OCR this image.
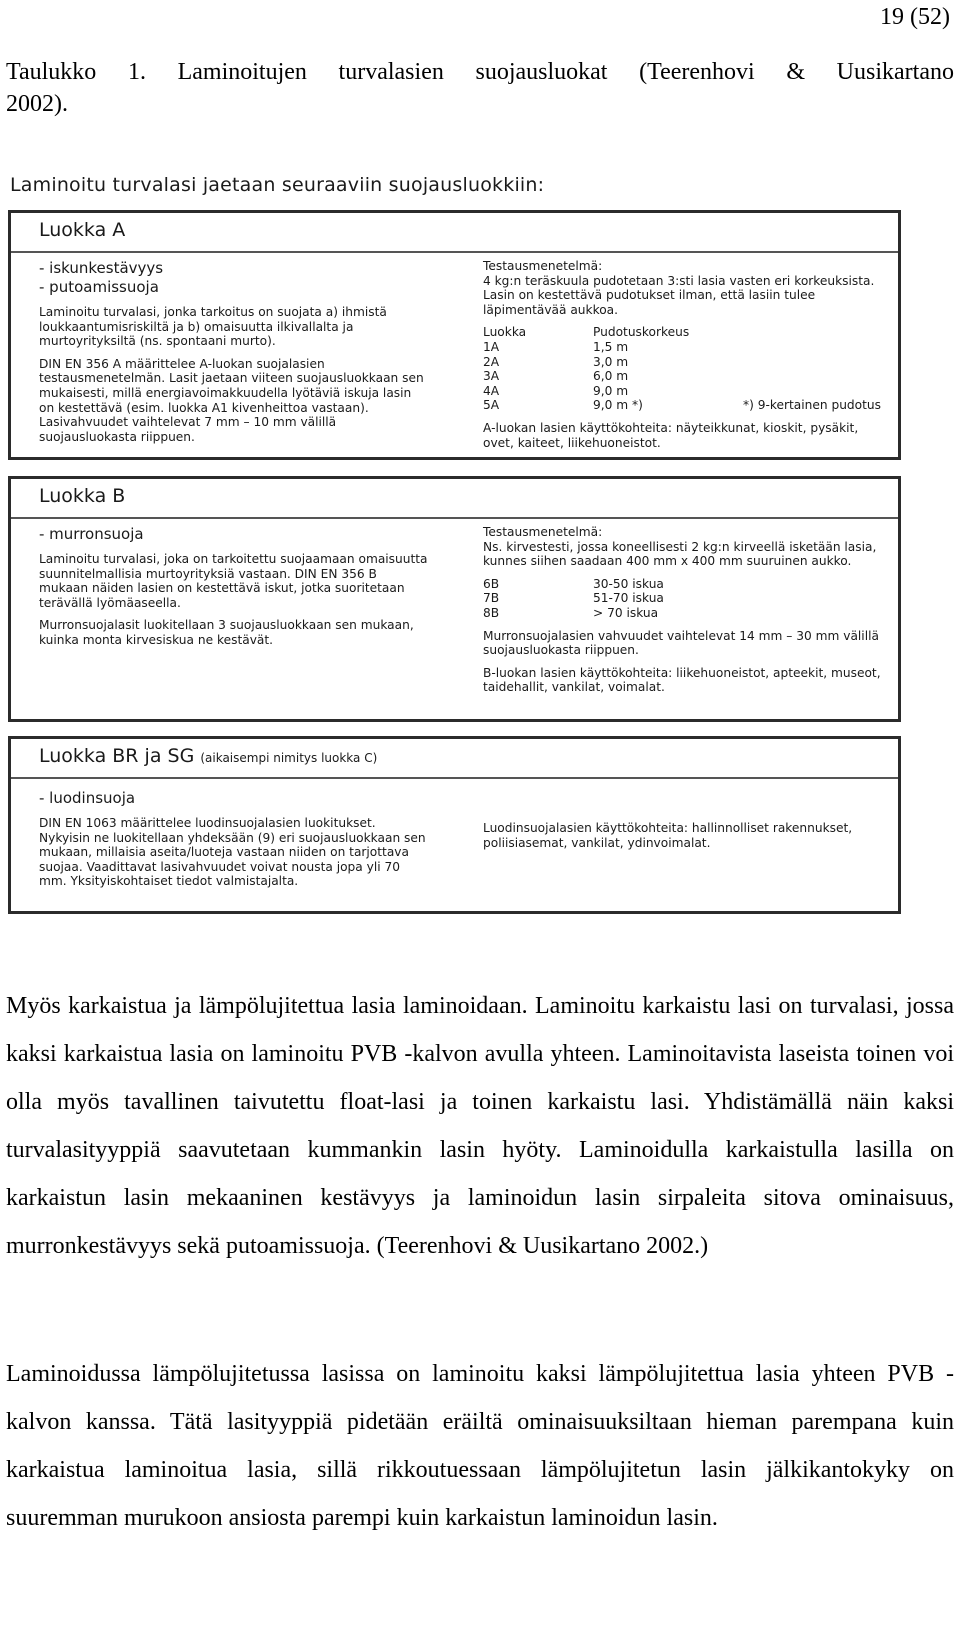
19 (52)
Taulukko 1. Laminoitujen turvalasien suojausluokat (Teerenhovi & Uusikartano
2002).
Laminoitu turvalasi jaetaan seuraaviin suojausluokkiin:
Luokka A
- iskunkestävyys
- putoamissuoja
Laminoitu turvalasi, jonka tarkoitus on suojata a) ihmistä loukkaantumisriskiltä ja b) omaisuutta ilkivallalta ja murtoyrityksiltä (ns. spontaani murto).
DIN EN 356 A määrittelee A-luokan suojalasien testausmenetelmän. Lasit jaetaan viiteen suojausluokkaan sen mukaisesti, millä energiavoimakkuudella lyötäviä iskuja lasin on kestettävä (esim. luokka A1 kivenheittoa vastaan). Lasivahvuudet vaihtelevat 7 mm – 10 mm välillä suojausluokasta riippuen.
Testausmenetelmä:
4 kg:n teräskuula pudotetaan 3:sti lasia vasten eri korkeuksista. Lasin on kestettävä pudotukset ilman, että lasiin tulee läpimentävää aukkoa.
Luokka	Pudotuskorkeus
1A	1,5 m
2A	3,0 m
3A	6,0 m
4A	9,0 m
5A	9,0 m *)	*) 9-kertainen pudotus
A-luokan lasien käyttökohteita: näyteikkunat, kioskit, pysäkit, ovet, kaiteet, liikehuoneistot.
Luokka B
- murronsuoja
Laminoitu turvalasi, joka on tarkoitettu suojaamaan omaisuutta suunnitelmallisia murtoyrityksiä vastaan. DIN EN 356 B mukaan näiden lasien on kestettävä iskut, jotka suoritetaan terävällä lyömäaseella.
Murronsuojalasit luokitellaan 3 suojausluokkaan sen mukaan, kuinka monta kirvesiskua ne kestävät.
Testausmenetelmä:
Ns. kirvestesti, jossa koneellisesti 2 kg:n kirveellä isketään lasia, kunnes siihen saadaan 400 mm x 400 mm suuruinen aukko.
6B	30-50 iskua
7B	51-70 iskua
8B	> 70 iskua
Murronsuojalasien vahvuudet vaihtelevat 14 mm – 30 mm välillä suojausluokasta riippuen.
B-luokan lasien käyttökohteita: liikehuoneistot, apteekit, museot, taidehallit, vankilat, voimalat.
Luokka BR ja SG (aikaisempi nimitys luokka C)
- luodinsuoja
DIN EN 1063 määrittelee luodinsuojalasien luokitukset. Nykyisin ne luokitellaan yhdeksään (9) eri suojausluokkaan sen mukaan, millaisia aseita/luoteja vastaan niiden on tarjottava suojaa. Vaadittavat lasivahvuudet voivat nousta jopa yli 70 mm. Yksityiskohtaiset tiedot valmistajalta.
Luodinsuojalasien käyttökohteita: hallinnolliset rakennukset, poliisiasemat, vankilat, ydinvoimalat.
Myös karkaistua ja lämpölujitettua lasia laminoidaan. Laminoitu karkaistu lasi on turvalasi, jossa kaksi karkaistua lasia on laminoitu PVB -kalvon avulla yhteen. Laminoitavista laseista toinen voi olla myös tavallinen taivutettu float-lasi ja toinen karkaistu lasi. Yhdistämällä näin kaksi turvalasityyppiä saavutetaan kummankin lasin hyöty. Laminoidulla karkaistulla lasilla on karkaistun lasin mekaaninen kestävyys ja laminoidun lasin sirpaleita sitova ominaisuus, murronkestävyys sekä putoamissuoja. (Teerenhovi & Uusikartano 2002.)
Laminoidussa lämpölujitetussa lasissa on laminoitu kaksi lämpölujitettua lasia yhteen PVB -kalvon kanssa. Tätä lasityyppiä pidetään eräiltä ominaisuuksiltaan hieman parempana kuin karkaistua laminoitua lasia, sillä rikkoutuessaan lämpölujitetun lasin jälkikantokyky on suuremman murukoon ansiosta parempi kuin karkaistun laminoidun lasin.
